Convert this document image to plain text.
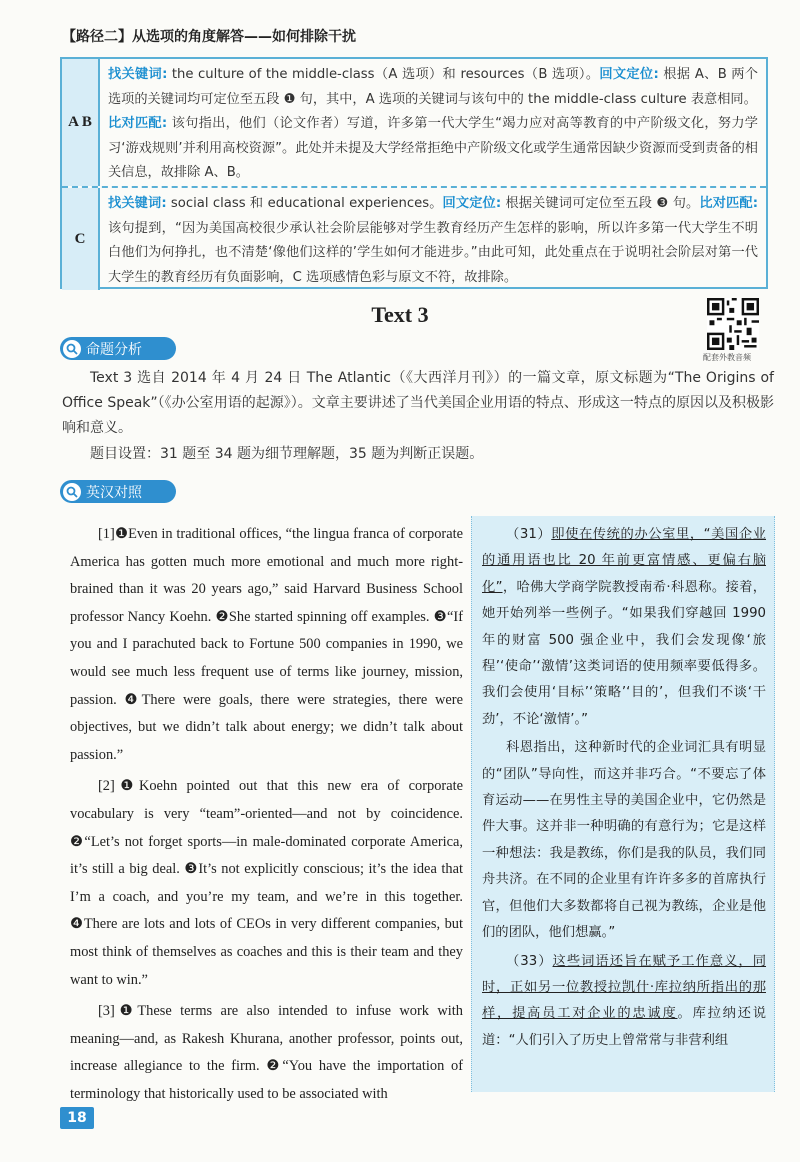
【路径二】从选项的角度解答——如何排除干扰
A B
找关键词: the culture of the middle-class（A 选项）和 resources（B 选项）。回文定位: 根据 A、B 两个选项的关键词均可定位至五段 ❶ 句，其中，A 选项的关键词与该句中的 the middle-class culture 表意相同。
比对匹配: 该句指出，他们（论文作者）写道，许多第一代大学生“竭力应对高等教育的中产阶级文化，努力学习‘游戏规则’并利用高校资源”。此处并未提及大学经常拒绝中产阶级文化或学生通常因缺少资源而受到责备的相关信息，故排除 A、B。
C
找关键词: social class 和 educational experiences。回文定位: 根据关键词可定位至五段 ❸ 句。比对匹配: 该句提到，“因为美国高校很少承认社会阶层能够对学生教育经历产生怎样的影响，所以许多第一代大学生不明白他们为何挣扎，也不清楚‘像他们这样的’学生如何才能进步。”由此可知，此处重点在于说明社会阶层对第一代大学生的教育经历有负面影响，C 选项感情色彩与原文不符，故排除。
Text 3
配套外教音频
命题分析
Text 3 选自 2014 年 4 月 24 日 The Atlantic（《大西洋月刊》）的一篇文章，原文标题为“The Origins of Office Speak”（《办公室用语的起源》）。文章主要讲述了当代美国企业用语的特点、形成这一特点的原因以及积极影响和意义。
题目设置：31 题至 34 题为细节理解题，35 题为判断正误题。
英汉对照

[1]❶Even in traditional offices, “the lingua franca of corporate America has gotten much more emotional and much more right-brained than it was 20 years ago,” said Harvard Business School professor Nancy Koehn. ❷She started spinning off examples. ❸“If you and I parachuted back to Fortune 500 companies in 1990, we would see much less frequent use of terms like journey, mission, passion. ❹There were goals, there were strategies, there were objectives, but we didn’t talk about energy; we didn’t talk about passion.”

[2]❶Koehn pointed out that this new era of corporate vocabulary is very “team”-oriented—and not by coincidence. ❷“Let’s not forget sports—in male-dominated corporate America, it’s still a big deal. ❸It’s not explicitly conscious; it’s the idea that I’m a coach, and you’re my team, and we’re in this together. ❹There are lots and lots of CEOs in very different companies, but most think of themselves as coaches and this is their team and they want to win.”

[3]❶These terms are also intended to infuse work with meaning—and, as Rakesh Khurana, another professor, points out, increase allegiance to the firm. ❷“You have the importation of terminology that historically used to be associated with

（31）即使在传统的办公室里，“美国企业的通用语也比 20 年前更富情感、更偏右脑化”，哈佛大学商学院教授南希·科恩称。接着，她开始列举一些例子。“如果我们穿越回 1990 年的财富 500 强企业中，我们会发现像‘旅程’‘使命’‘激情’这类词语的使用频率要低得多。我们会使用‘目标’‘策略’‘目的’，但我们不谈‘干劲’，不论‘激情’。”

科恩指出，这种新时代的企业词汇具有明显的“团队”导向性，而这并非巧合。“不要忘了体育运动——在男性主导的美国企业中，它仍然是件大事。这并非一种明确的有意行为；它是这样一种想法：我是教练，你们是我的队员，我们同舟共济。在不同的企业里有许许多多的首席执行官，但他们大多数都将自己视为教练，企业是他们的团队，他们想赢。”

（33）这些词语还旨在赋予工作意义，同时，正如另一位教授拉凯什·库拉纳所指出的那样，提高员工对企业的忠诚度。库拉纳还说道：“人们引入了历史上曾常常与非营利组

18
